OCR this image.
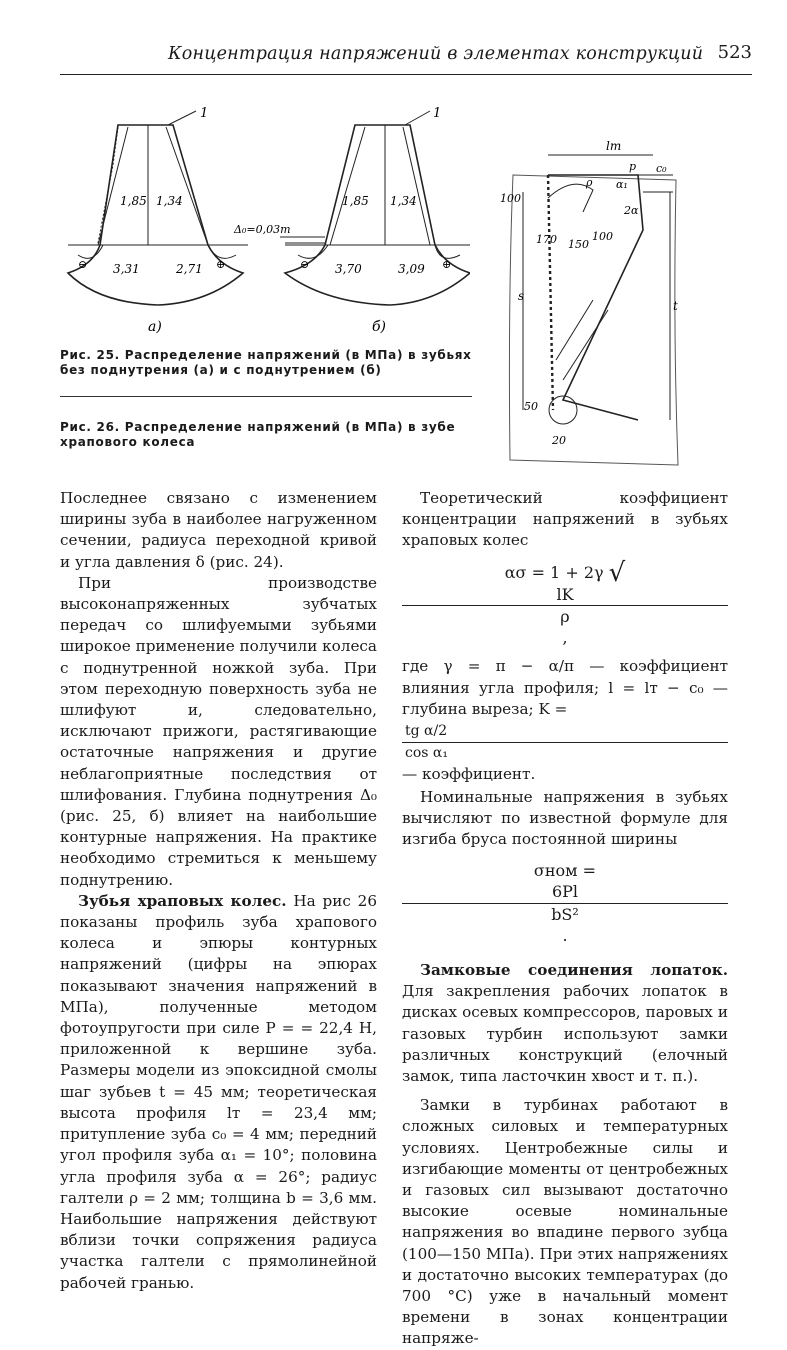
Концентрация напряжений в элементах конструкций 523
1
1,85 1,34
⊖ 3,31	2,71 ⊕
а)
1
Δ₀=0,03m
1,85 1,34
⊖ 3,70	3,09 ⊕
б)
Рис. 25. Распределение напряжений (в МПа) в зубьях без поднутрения (а) и с поднутрением (б)
Рис. 26. Распределение напряжений (в МПа) в зубе храпового колеса
lт
p c₀
ρ α₁
2α
100
170 150
100
s
t
50
20

Последнее связано с изменением ширины зуба в наиболее нагруженном сечении, радиуса переходной кривой и угла давления δ (рис. 24).

При производстве высоконапряженных зубчатых передач со шлифуемыми зубьями широкое применение получили колеса с поднутренной ножкой зуба. При этом переходную поверхность зуба не шлифуют и, следовательно, исключают прижоги, растягивающие остаточные напряжения и другие неблагоприятные последствия от шлифования. Глубина поднутрения Δ₀ (рис. 25, б) влияет на наибольшие контурные напряжения. На практике необходимо стремиться к меньшему поднутрению.

Зубья храповых колес. На рис 26 показаны профиль зуба храпового колеса и эпюры контурных напряжений (цифры на эпюрах показывают значения напряжений в МПа), полученные методом фотоупругости при силе P = = 22,4 Н, приложенной к вершине зуба. Размеры модели из эпоксидной смолы шаг зубьев t = 45 мм; теоретическая высота профиля lт = 23,4 мм; притупление зуба c₀ = 4 мм; передний угол профиля зуба α₁ = 10°; половина угла профиля зуба α = 26°; радиус галтели ρ = 2 мм; толщина b = 3,6 мм. Наибольшие напряжения действуют вблизи точки сопряжения радиуса участка галтели с прямолинейной рабочей гранью.

Теоретический коэффициент концентрации напряжений в зубьях храповых колес

ασ = 1 + 2γ √
lK
ρ
,

где γ = π − α/π — коэффициент влияния угла профиля; l = lт − c₀ — глубина выреза; K =
tg α/2
cos α₁
— коэффициент.

Номинальные напряжения в зубьях вычисляют по известной формуле для изгиба бруса постоянной ширины

σном =
6Pl
bS²
.

Замковые соединения лопаток. Для закрепления рабочих лопаток в дисках осевых компрессоров, паровых и газовых турбин используют замки различных конструкций (елочный замок, типа ласточкин хвост и т. п.).

Замки в турбинах работают в сложных силовых и температурных условиях. Центробежные силы и изгибающие моменты от центробежных и газовых сил вызывают достаточно высокие осевые номинальные напряжения во впадине первого зубца (100—150 МПа). При этих напряжениях и достаточно высоких температурах (до 700 °С) уже в начальный момент времени в зонах концентрации напряже-
